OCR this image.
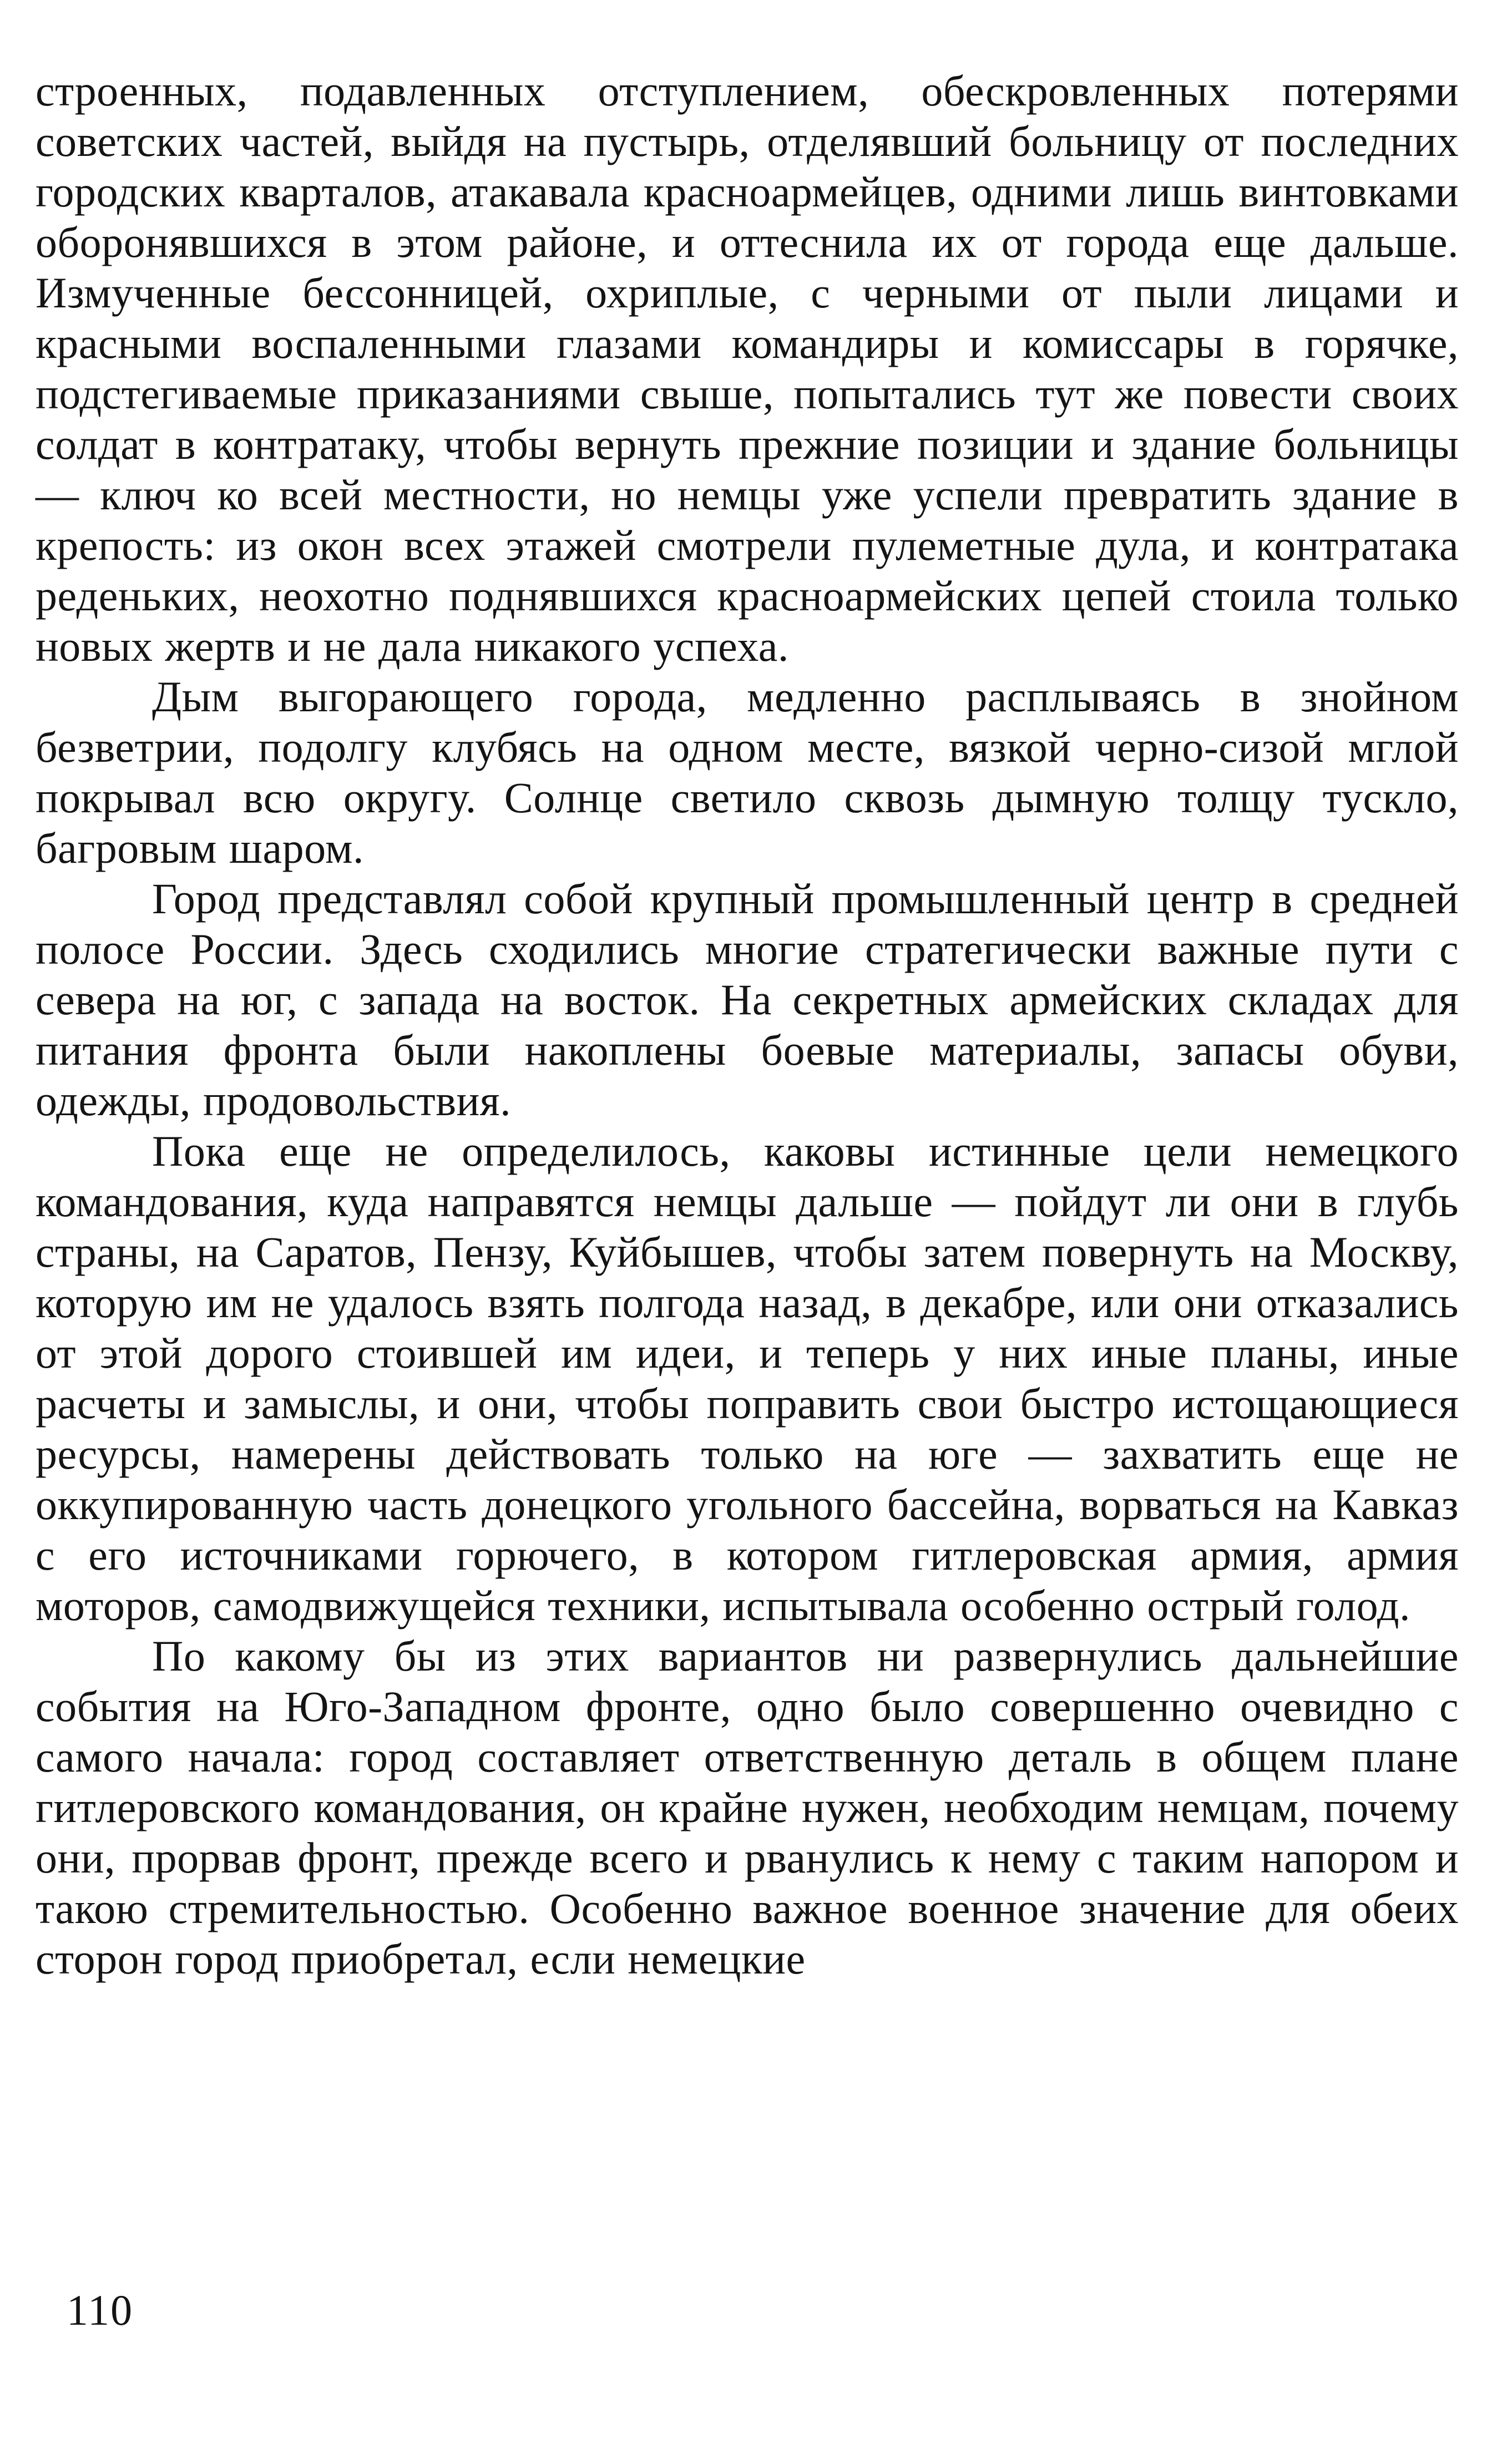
строенных, подавленных отступлением, обескровленных потерями советских частей, выйдя на пустырь, отделявший больницу от последних городских кварталов, атакавала красноармейцев, одними лишь винтовками оборонявшихся в этом районе, и оттеснила их от города еще дальше. Измученные бессонницей, охриплые, с черными от пыли лицами и красными воспаленными глазами командиры и комиссары в горячке, подстегиваемые приказаниями свыше, попытались тут же повести своих солдат в контратаку, чтобы вернуть прежние позиции и здание больницы — ключ ко всей местности, но немцы уже успели превратить здание в крепость: из окон всех этажей смотрели пулеметные дула, и контратака реденьких, неохотно поднявшихся красноармейских цепей стоила только новых жертв и не дала никакого успеха.

Дым выгорающего города, медленно расплываясь в знойном безветрии, подолгу клубясь на одном месте, вязкой черно-сизой мглой покрывал всю округу. Солнце светило сквозь дымную толщу тускло, багровым шаром.

Город представлял собой крупный промышленный центр в средней полосе России. Здесь сходились многие стратегически важные пути с севера на юг, с запада на восток. На секретных армейских складах для питания фронта были накоплены боевые материалы, запасы обуви, одежды, продовольствия.

Пока еще не определилось, каковы истинные цели немецкого командования, куда направятся немцы дальше — пойдут ли они в глубь страны, на Саратов, Пензу, Куйбышев, чтобы затем повернуть на Москву, которую им не удалось взять полгода назад, в декабре, или они отказались от этой дорого стоившей им идеи, и теперь у них иные планы, иные расчеты и замыслы, и они, чтобы поправить свои быстро истощающиеся ресурсы, намерены действовать только на юге — захватить еще не оккупированную часть донецкого угольного бассейна, ворваться на Кавказ с его источниками горючего, в котором гитлеровская армия, армия моторов, самодвижущейся техники, испытывала особенно острый голод.

По какому бы из этих вариантов ни развернулись дальнейшие события на Юго-Западном фронте, одно было совершенно очевидно с самого начала: город составляет ответственную деталь в общем плане гитлеровского командования, он крайне нужен, необходим немцам, почему они, прорвав фронт, прежде всего и рванулись к нему с таким напором и такою стремительностью. Особенно важное военное значение для обеих сторон город приобретал, если немецкие

110
